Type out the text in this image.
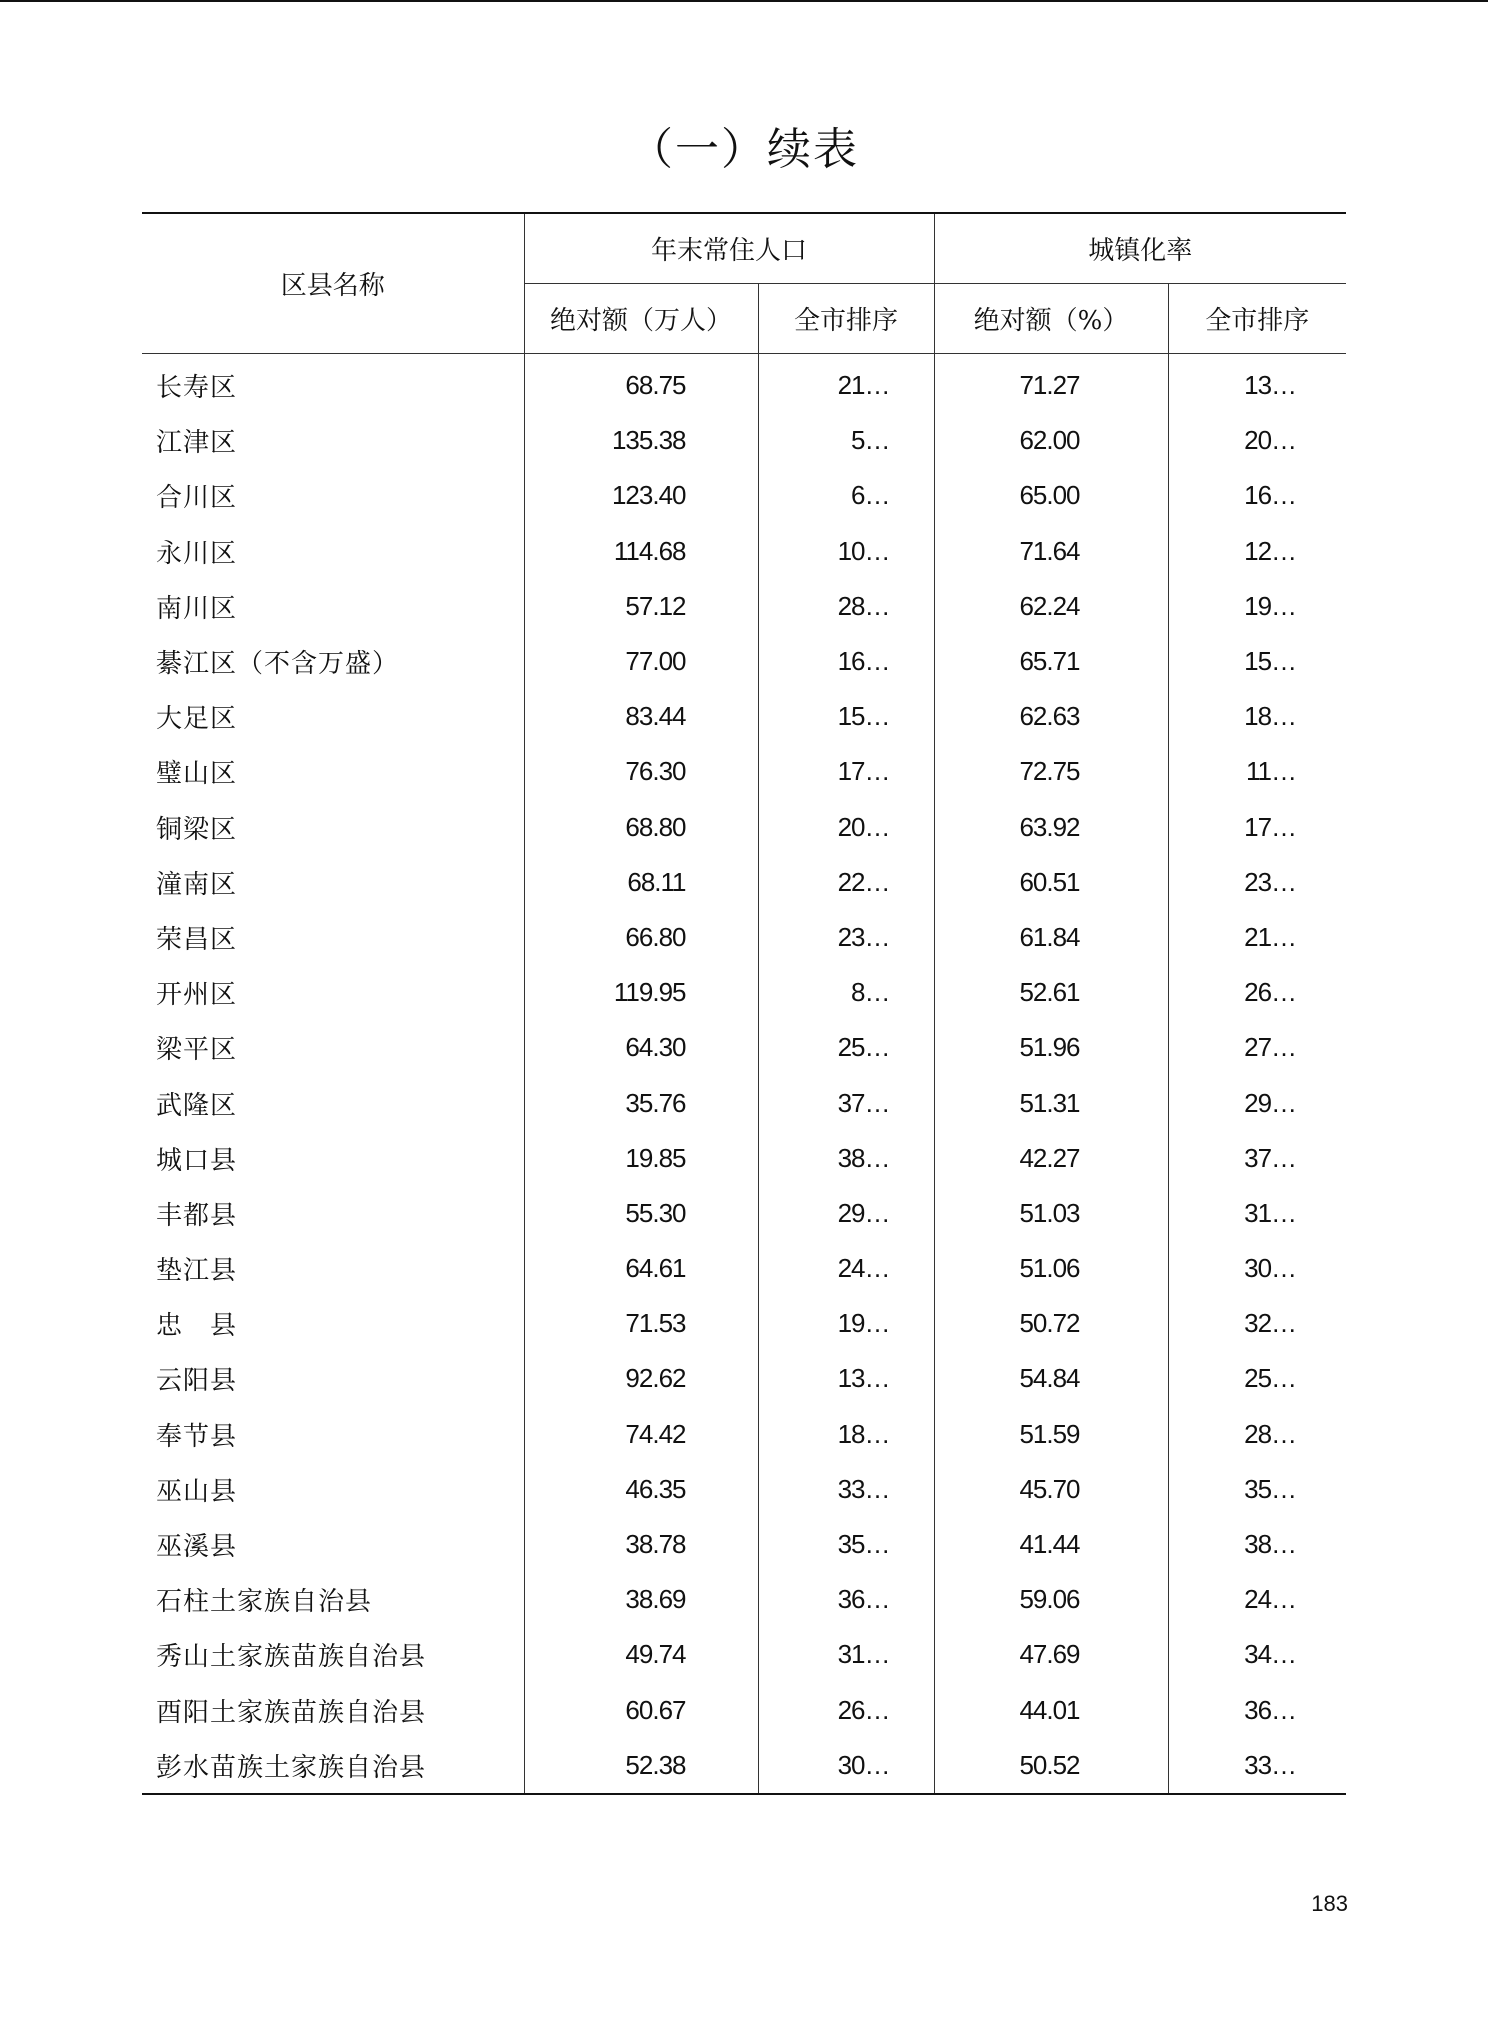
（一）续表
区县名称	年末常住人口		城镇化率	
	绝对额（万人）	全市排序	绝对额（%）	全市排序
长寿区	68.75	21…	71.27	13…
江津区	135.38	5…	62.00	20…
合川区	123.40	6…	65.00	16…
永川区	114.68	10…	71.64	12…
南川区	57.12	28…	62.24	19…
綦江区（不含万盛）	77.00	16…	65.71	15…
大足区	83.44	15…	62.63	18…
璧山区	76.30	17…	72.75	11…
铜梁区	68.80	20…	63.92	17…
潼南区	68.11	22…	60.51	23…
荣昌区	66.80	23…	61.84	21…
开州区	119.95	8…	52.61	26…
梁平区	64.30	25…	51.96	27…
武隆区	35.76	37…	51.31	29…
城口县	19.85	38…	42.27	37…
丰都县	55.30	29…	51.03	31…
垫江县	64.61	24…	51.06	30…
忠　县	71.53	19…	50.72	32…
云阳县	92.62	13…	54.84	25…
奉节县	74.42	18…	51.59	28…
巫山县	46.35	33…	45.70	35…
巫溪县	38.78	35…	41.44	38…
石柱土家族自治县	38.69	36…	59.06	24…
秀山土家族苗族自治县	49.74	31…	47.69	34…
酉阳土家族苗族自治县	60.67	26…	44.01	36…
彭水苗族土家族自治县	52.38	30…	50.52	33…
183
